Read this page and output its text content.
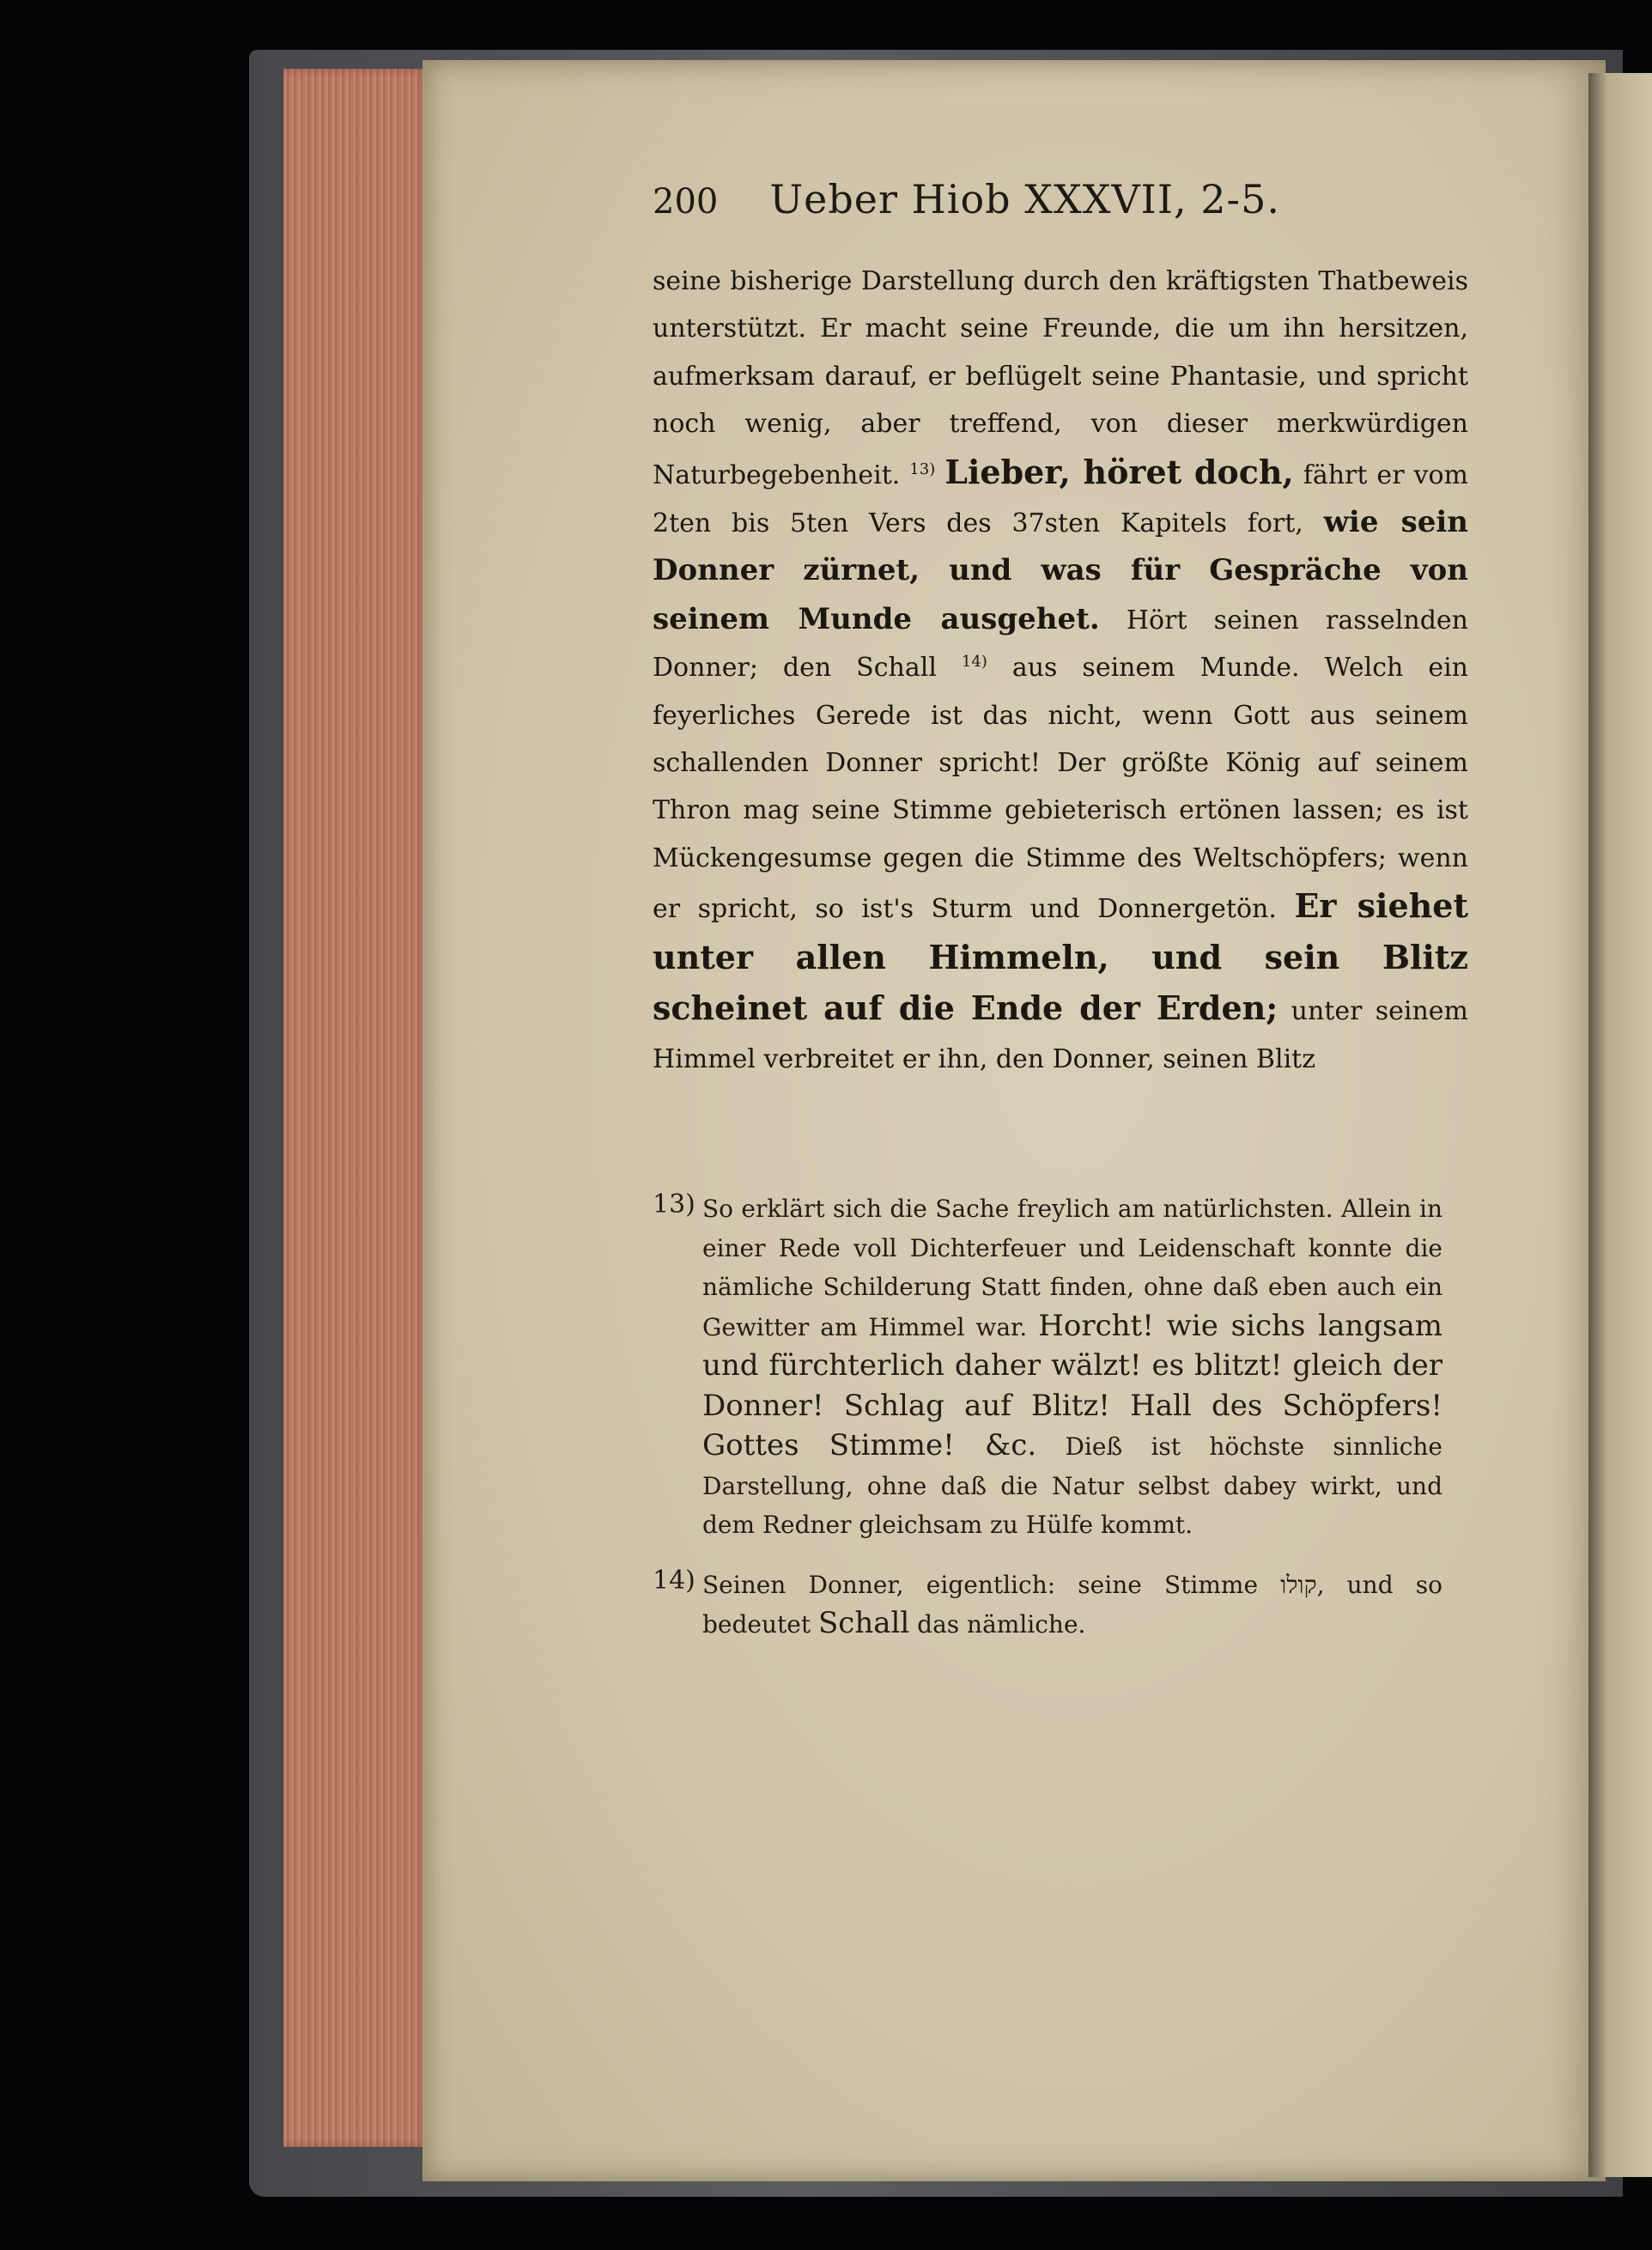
200 Ueber Hiob XXXVII, 2-5.

seine bisherige Darstellung durch den kräftigsten Thatbeweis unterstützt. Er macht seine Freunde, die um ihn hersitzen, aufmerksam darauf, er beflügelt seine Phantasie, und spricht noch wenig, aber treffend, von dieser merkwürdigen Naturbegebenheit. $^{13)}$ Lieber, höret doch, fährt er vom 2ten bis 5ten Vers des 37sten Kapitels fort, wie sein Donner zürnet, und was für Gespräche von seinem Munde ausgehet. Hört seinen rasselnden Donner; den Schall $^{14)}$ aus seinem Munde. Welch ein feyerliches Gerede ist das nicht, wenn Gott aus seinem schallenden Donner spricht! Der größte König auf seinem Thron mag seine Stimme gebieterisch ertönen lassen; es ist Mückengesumse gegen die Stimme des Weltschöpfers; wenn er spricht, so ist's Sturm und Donnergetön. Er siehet unter allen Himmeln, und sein Blitz scheinet auf die Ende der Erden; unter seinem Himmel verbreitet er ihn, den Donner, seinen Blitz

13) So erklärt sich die Sache freylich am natürlichsten. Allein in einer Rede voll Dichterfeuer und Leidenschaft konnte die nämliche Schilderung Statt finden, ohne daß eben auch ein Gewitter am Himmel war. Horcht! wie sichs langsam und fürchterlich daher wälzt! es blitzt! gleich der Donner! Schlag auf Blitz! Hall des Schöpfers! Gottes Stimme! &c. Dieß ist höchste sinnliche Darstellung, ohne daß die Natur selbst dabey wirkt, und dem Redner gleichsam zu Hülfe kommt.
14) Seinen Donner, eigentlich: seine Stimme קולו, und so bedeutet Schall das nämliche.
